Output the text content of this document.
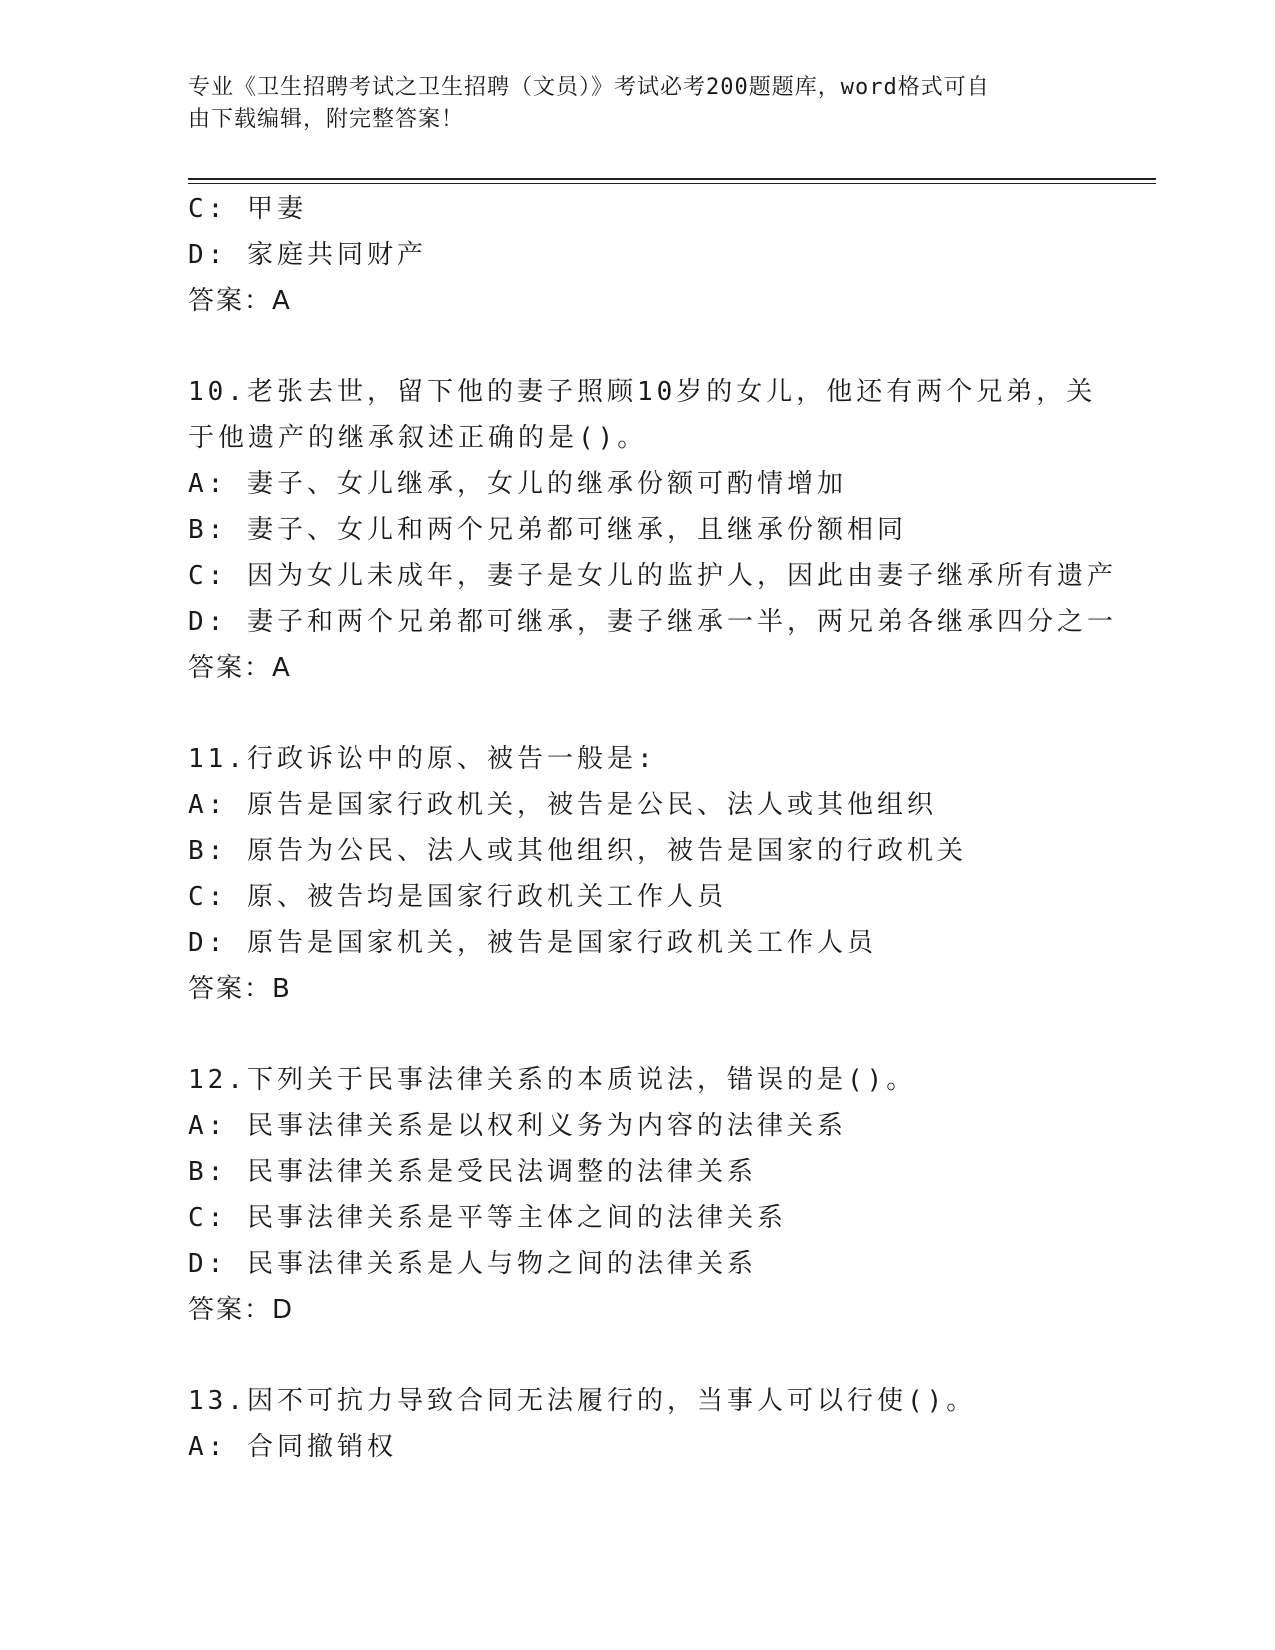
专业《卫生招聘考试之卫生招聘（文员）》考试必考200题题库，word格式可自
由下载编辑，附完整答案！
C: 甲妻
D: 家庭共同财产
答案：A
10.老张去世，留下他的妻子照顾10岁的女儿，他还有两个兄弟，关
于他遗产的继承叙述正确的是()。
A: 妻子、女儿继承，女儿的继承份额可酌情增加
B: 妻子、女儿和两个兄弟都可继承，且继承份额相同
C: 因为女儿未成年，妻子是女儿的监护人，因此由妻子继承所有遗产
D: 妻子和两个兄弟都可继承，妻子继承一半，两兄弟各继承四分之一
答案：A
11.行政诉讼中的原、被告一般是:
A: 原告是国家行政机关，被告是公民、法人或其他组织
B: 原告为公民、法人或其他组织，被告是国家的行政机关
C: 原、被告均是国家行政机关工作人员
D: 原告是国家机关，被告是国家行政机关工作人员
答案：B
12.下列关于民事法律关系的本质说法，错误的是()。
A: 民事法律关系是以权利义务为内容的法律关系
B: 民事法律关系是受民法调整的法律关系
C: 民事法律关系是平等主体之间的法律关系
D: 民事法律关系是人与物之间的法律关系
答案：D
13.因不可抗力导致合同无法履行的，当事人可以行使()。
A: 合同撤销权
